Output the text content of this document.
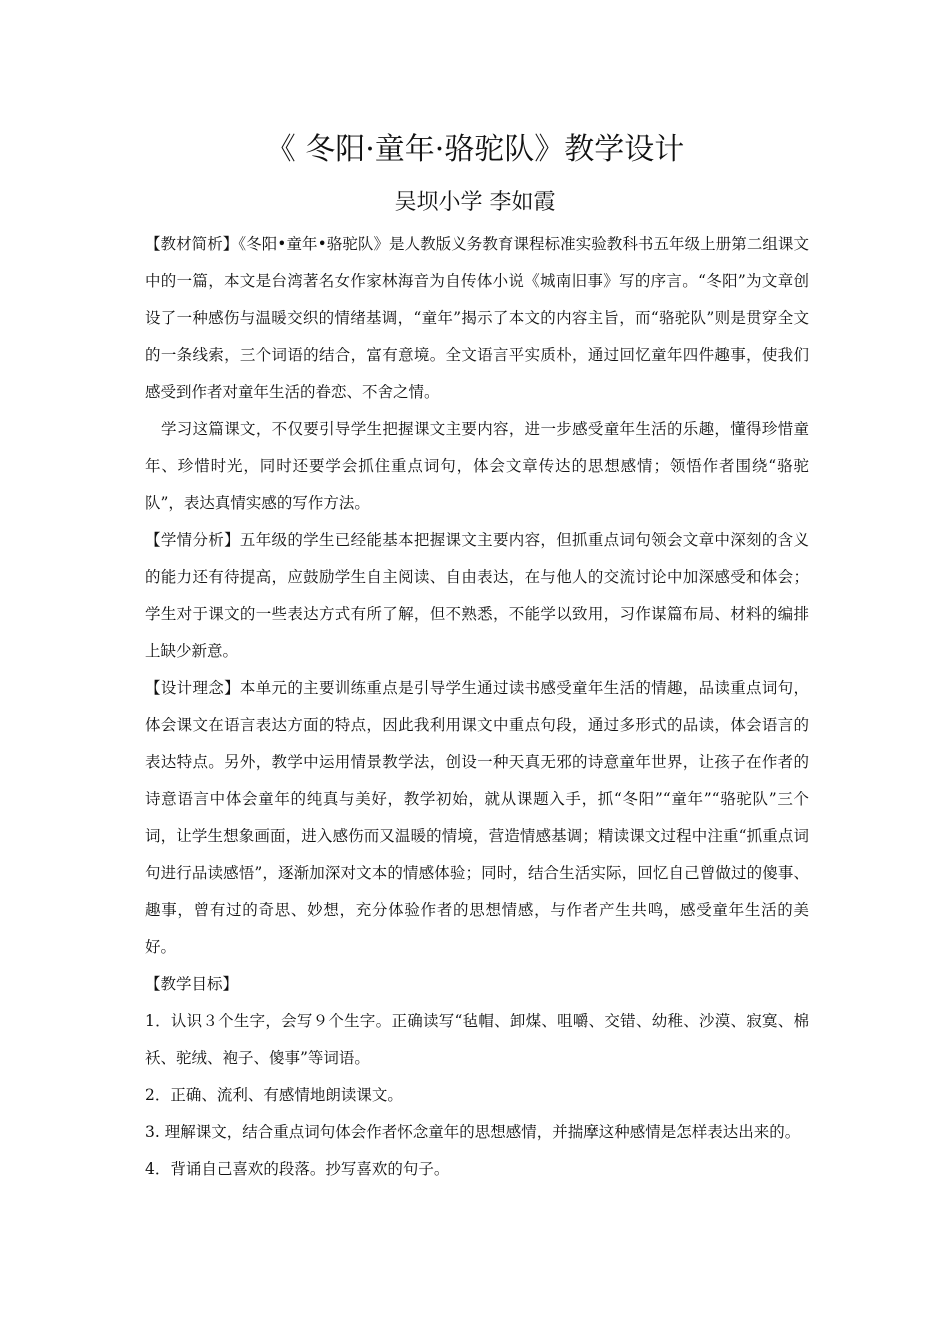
《 冬阳·童年·骆驼队》教学设计
吴坝小学 李如霞

【教材简析】《冬阳•童年•骆驼队》是人教版义务教育课程标准实验教科书五年级上册第二组课文中的一篇，本文是台湾著名女作家林海音为自传体小说《城南旧事》写的序言。“冬阳”为文章创设了一种感伤与温暖交织的情绪基调，“童年”揭示了本文的内容主旨，而“骆驼队”则是贯穿全文的一条线索，三个词语的结合，富有意境。全文语言平实质朴，通过回忆童年四件趣事，使我们感受到作者对童年生活的眷恋、不舍之情。

学习这篇课文，不仅要引导学生把握课文主要内容，进一步感受童年生活的乐趣，懂得珍惜童年、珍惜时光，同时还要学会抓住重点词句，体会文章传达的思想感情；领悟作者围绕“骆驼队”，表达真情实感的写作方法。

【学情分析】五年级的学生已经能基本把握课文主要内容，但抓重点词句领会文章中深刻的含义的能力还有待提高，应鼓励学生自主阅读、自由表达，在与他人的交流讨论中加深感受和体会；学生对于课文的一些表达方式有所了解，但不熟悉，不能学以致用，习作谋篇布局、材料的编排上缺少新意。

【设计理念】本单元的主要训练重点是引导学生通过读书感受童年生活的情趣，品读重点词句，体会课文在语言表达方面的特点，因此我利用课文中重点句段，通过多形式的品读，体会语言的表达特点。另外，教学中运用情景教学法，创设一种天真无邪的诗意童年世界，让孩子在作者的诗意语言中体会童年的纯真与美好，教学初始，就从课题入手，抓“冬阳”“童年”“骆驼队”三个词，让学生想象画面，进入感伤而又温暖的情境，营造情感基调；精读课文过程中注重“抓重点词句进行品读感悟”，逐渐加深对文本的情感体验；同时，结合生活实际，回忆自己曾做过的傻事、趣事，曾有过的奇思、妙想，充分体验作者的思想情感，与作者产生共鸣，感受童年生活的美好。

【教学目标】

1．认识３个生字，会写９个生字。正确读写“毡帽、卸煤、咀嚼、交错、幼稚、沙漠、寂寞、棉袄、驼绒、袍子、傻事”等词语。

2．正确、流利、有感情地朗读课文。

3. 理解课文，结合重点词句体会作者怀念童年的思想感情，并揣摩这种感情是怎样表达出来的。

4．背诵自己喜欢的段落。抄写喜欢的句子。
